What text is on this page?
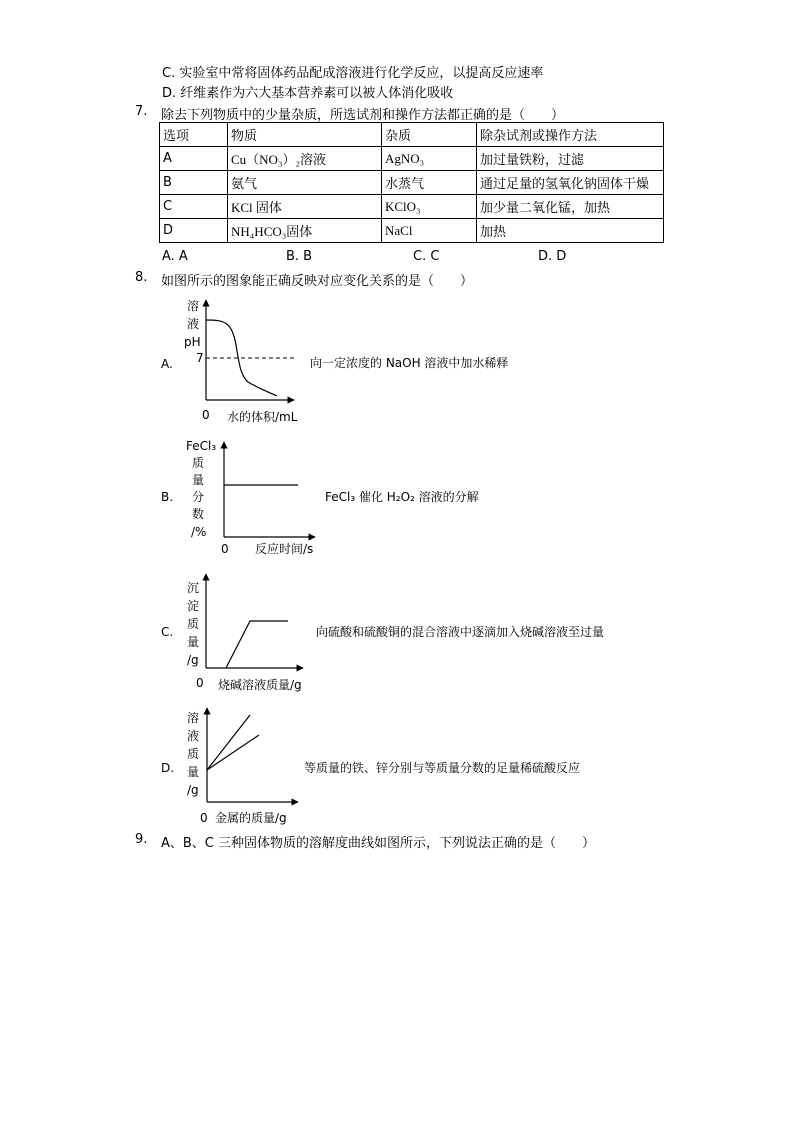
C. 实验室中常将固体药品配成溶液进行化学反应，以提高反应速率
D. 纤维素作为六大基本营养素可以被人体消化吸收
7. 除去下列物质中的少量杂质，所选试剂和操作方法都正确的是（　　）
选项	物质	杂质	除杂试剂或操作方法
A	Cu（NO₃）₂溶液	AgNO₃	加过量铁粉，过滤
B	氨气	水蒸气	通过足量的氢氧化钠固体干燥
C	KCl 固体	KClO₃	加少量二氧化锰，加热
D	NH₄HCO₃固体	NaCl	加热
A. A	B. B	C. C	D. D
8. 如图所示的图象能正确反映对应变化关系的是（　　）
A.
溶
液
pH
7
0 水的体积/mL
向一定浓度的 NaOH 溶液中加水稀释
B.
FeCl₃
质
量
分
数
/%
0 反应时间/s
FeCl₃ 催化 H₂O₂ 溶液的分解
C.
沉
淀
质
量
/g
0 烧碱溶液质量/g
向硫酸和硫酸铜的混合溶液中逐滴加入烧碱溶液至过量
D.
溶
液
质
量
/g
0 金属的质量/g
等质量的铁、锌分别与等质量分数的足量稀硫酸反应
9. A、B、C 三种固体物质的溶解度曲线如图所示，下列说法正确的是（　　）
